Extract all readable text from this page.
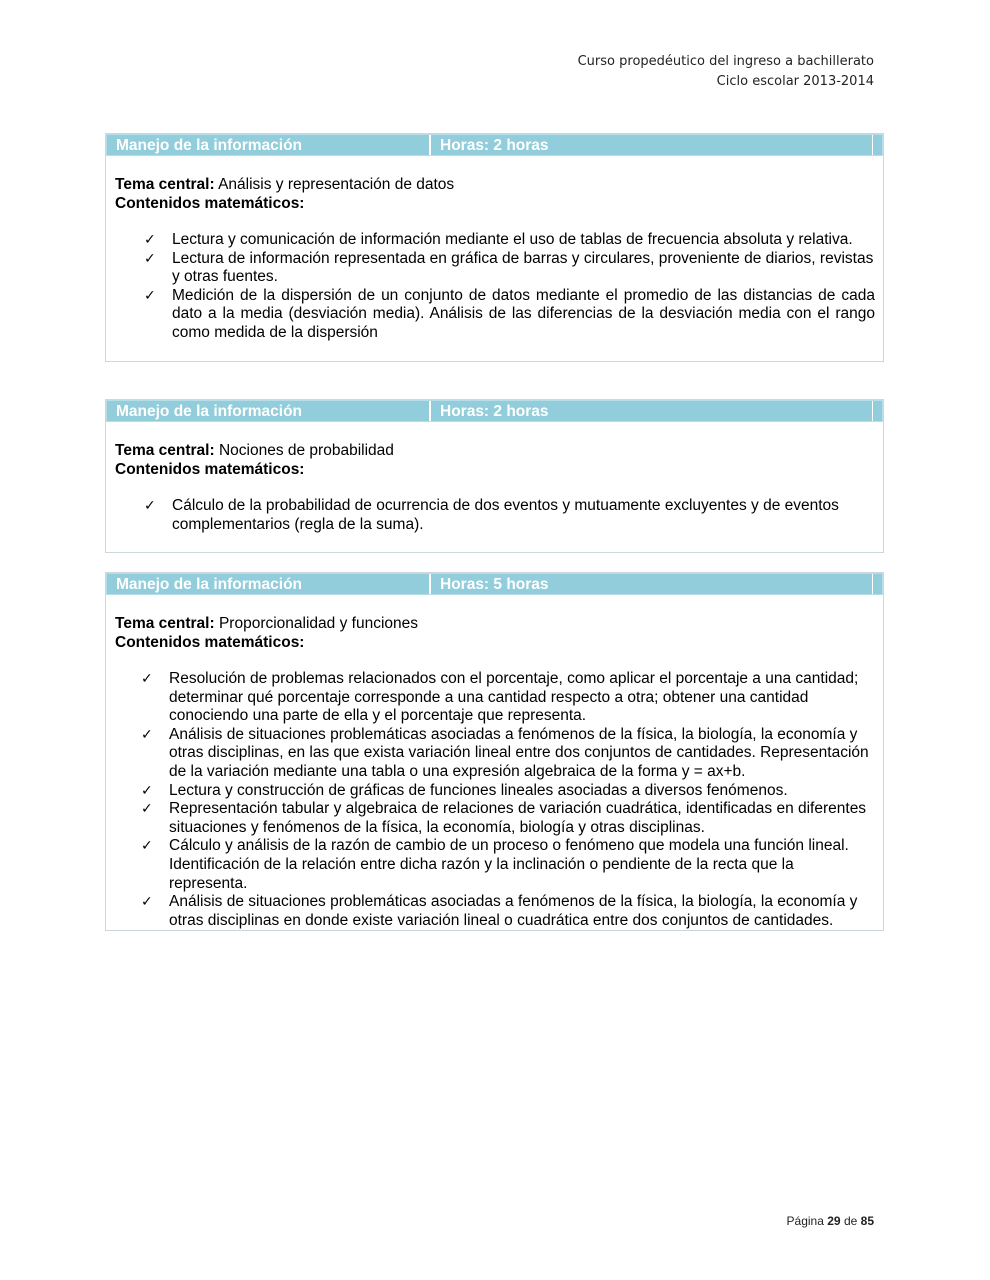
Curso propedéutico del ingreso a bachillerato
Ciclo escolar 2013-2014
Manejo de la información	Horas: 2 horas

Tema central: Análisis y representación de datos

Contenidos matemáticos:

✓ Lectura y comunicación de información mediante el uso de tablas de frecuencia absoluta y relativa.
✓ Lectura de información representada en gráfica de barras y circulares, proveniente de diarios, revistas y otras fuentes.
✓ Medición de la dispersión de un conjunto de datos mediante el promedio de las distancias de cada dato a la media (desviación media). Análisis de las diferencias de la desviación media con el rango como medida de la dispersión
Manejo de la información	Horas: 2 horas

Tema central: Nociones de probabilidad

Contenidos matemáticos:

✓ Cálculo de la probabilidad de ocurrencia de dos eventos y mutuamente excluyentes y de eventos complementarios (regla de la suma).
Manejo de la información	Horas: 5 horas

Tema central: Proporcionalidad y funciones

Contenidos matemáticos:

✓ Resolución de problemas relacionados con el porcentaje, como aplicar el porcentaje a una cantidad; determinar qué porcentaje corresponde a una cantidad respecto a otra; obtener una cantidad conociendo una parte de ella y el porcentaje que representa.
✓ Análisis de situaciones problemáticas asociadas a fenómenos de la física, la biología, la economía y otras disciplinas, en las que exista variación lineal entre dos conjuntos de cantidades. Representación de la variación mediante una tabla o una expresión algebraica de la forma y = ax+b.
✓ Lectura y construcción de gráficas de funciones lineales asociadas a diversos fenómenos.
✓ Representación tabular y algebraica de relaciones de variación cuadrática, identificadas en diferentes situaciones y fenómenos de la física, la economía, biología y otras disciplinas.
✓ Cálculo y análisis de la razón de cambio de un proceso o fenómeno que modela una función lineal. Identificación de la relación entre dicha razón y la inclinación o pendiente de la recta que la representa.
✓ Análisis de situaciones problemáticas asociadas a fenómenos de la física, la biología, la economía y otras disciplinas en donde existe variación lineal o cuadrática entre dos conjuntos de cantidades.
Página 29 de 85
